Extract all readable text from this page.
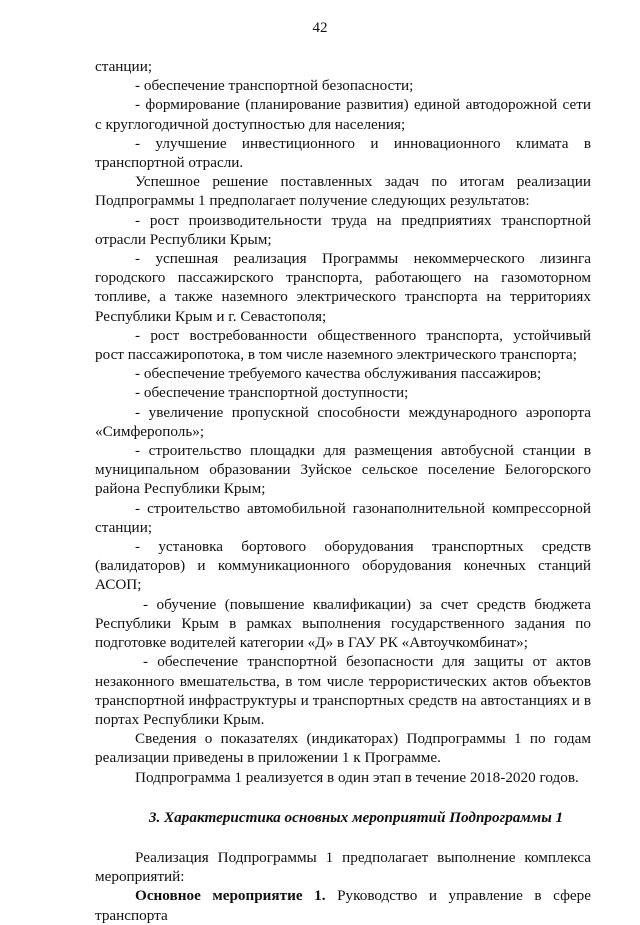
42

станции;

- обеспечение транспортной безопасности;

- формирование (планирование развития) единой автодорожной сети с круглогодичной доступностью для населения;

- улучшение инвестиционного и инновационного климата в транспортной отрасли.

Успешное решение поставленных задач по итогам реализации Подпрограммы 1 предполагает получение следующих результатов:

- рост производительности труда на предприятиях транспортной отрасли Республики Крым;

- успешная реализация Программы некоммерческого лизинга городского пассажирского транспорта, работающего на газомоторном топливе, а также наземного электрического транспорта на территориях Республики Крым и г. Севастополя;

- рост востребованности общественного транспорта, устойчивый рост пассажиропотока, в том числе наземного электрического транспорта;

- обеспечение требуемого качества обслуживания пассажиров;

- обеспечение транспортной доступности;

- увеличение пропускной способности международного аэропорта «Симферополь»;

- строительство площадки для размещения автобусной станции в муниципальном образовании Зуйское сельское поселение Белогорского района Республики Крым;

- строительство автомобильной газонаполнительной компрессорной станции;

- установка бортового оборудования транспортных средств (валидаторов) и коммуникационного оборудования конечных станций АСОП;

- обучение (повышение квалификации) за счет средств бюджета Республики Крым в рамках выполнения государственного задания по подготовке водителей категории «Д» в ГАУ РК «Автоучкомбинат»;

- обеспечение транспортной безопасности для защиты от актов незаконного вмешательства, в том числе террористических актов объектов транспортной инфраструктуры и транспортных средств на автостанциях и в портах Республики Крым.

Сведения о показателях (индикаторах) Подпрограммы 1 по годам реализации приведены в приложении 1 к Программе.

Подпрограмма 1 реализуется в один этап в течение 2018-2020 годов.

3. Характеристика основных мероприятий Подпрограммы 1

Реализация Подпрограммы 1 предполагает выполнение комплекса мероприятий:

Основное мероприятие 1. Руководство и управление в сфере транспорта
